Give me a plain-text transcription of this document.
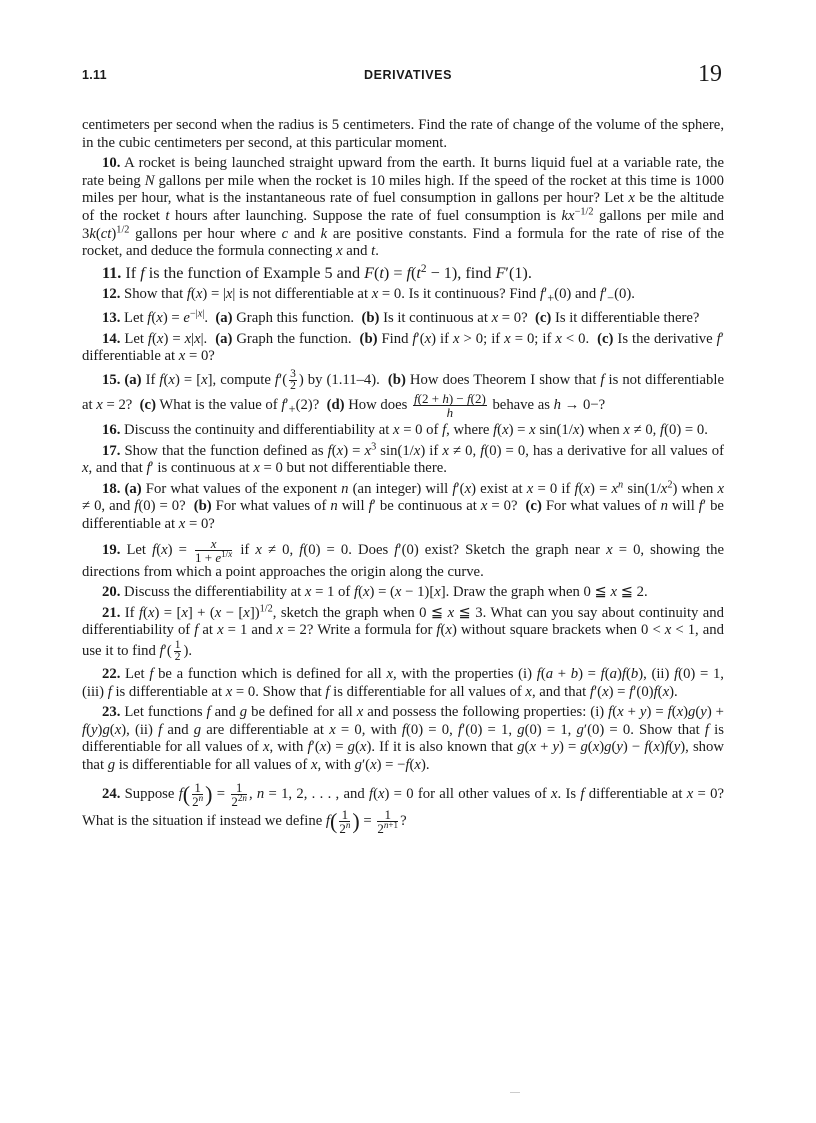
1.11	DERIVATIVES	19

centimeters per second when the radius is 5 centimeters. Find the rate of change of the volume of the sphere, in the cubic centimeters per second, at this particular moment.

10. A rocket is being launched straight upward from the earth. It burns liquid fuel at a variable rate, the rate being N gallons per mile when the rocket is 10 miles high. If the speed of the rocket at this time is 1000 miles per hour, what is the instantaneous rate of fuel consumption in gallons per hour? Let x be the altitude of the rocket t hours after launching. Suppose the rate of fuel consumption is $kx^{-1/2}$ gallons per mile and 3k(ct)$^{1/2}$ gallons per hour where c and k are positive constants. Find a formula for the rate of rise of the rocket, and deduce the formula connecting x and t.

11. If f is the function of Example 5 and $F(t) = f(t^2 - 1)$, find F′(1).

12. Show that f(x) = |x| is not differentiable at x = 0. Is it continuous? Find $f'_+(0)$ and $f'_-(0)$.

13. Let $f(x) = e^{-|x|}$.  (a) Graph this function.  (b) Is it continuous at x = 0?  (c) Is it differentiable there?

14. Let f(x) = x|x|.  (a) Graph the function.  (b) Find f′(x) if x > 0; if x = 0; if x < 0.  (c) Is the derivative f′ differentiable at x = 0?

15. (a) If f(x) = [x], compute $f'( \frac{3}{2}$ ) by (1.11–4).  (b) How does Theorem I show that f is not differentiable at x = 2?  (c) What is the value of $f'_+(2)$?  (d) How does $\frac{f(2 + h) - f(2)}{h}$ behave as h → 0−?

16. Discuss the continuity and differentiability at x = 0 of f, where f(x) = x sin(1/x) when x ≠ 0, f(0) = 0.

17. Show that the function defined as $f(x) = x^3$ sin(1/x) if x ≠ 0, f(0) = 0, has a derivative for all values of x, and that f′ is continuous at x = 0 but not differentiable there.

18. (a) For what values of the exponent n (an integer) will f′(x) exist at x = 0 if $f(x) = x^n$ $\sin(1/x^2)$ when x ≠ 0, and f(0) = 0?  (b) For what values of n will f′ be continuous at x = 0?  (c) For what values of n will f′ be differentiable at x = 0?

19. Let $f(x) = \frac{x}{1 + e^{1/x}}$ if x ≠ 0, f(0) = 0. Does f′(0) exist? Sketch the graph near x = 0, showing the directions from which a point approaches the origin along the curve.

20. Discuss the differentiability at x = 1 of f(x) = (x − 1)[x]. Draw the graph when 0 ≦ x ≦ 2.

21. If $f(x) = [x] + (x - [x])^{1/2}$, sketch the graph when 0 ≦ x ≦ 3. What can you say about continuity and differentiability of f at x = 1 and x = 2? Write a formula for f(x) without square brackets when 0 < x < 1, and use it to find $f'( \frac{1}{2}$ ).

22. Let f be a function which is defined for all x, with the properties (i) f(a + b) = f(a)f(b), (ii) f(0) = 1, (iii) f is differentiable at x = 0. Show that f is differentiable for all values of x, and that f′(x) = f′(0)f(x).

23. Let functions f and g be defined for all x and possess the following properties: (i) f(x + y) = f(x)g(y) + f(y)g(x), (ii) f and g are differentiable at x = 0, with f(0) = 0, f′(0) = 1, g(0) = 1, g′(0) = 0. Show that f is differentiable for all values of x, with f′(x) = g(x). If it is also known that g(x + y) = g(x)g(y) − f(x)f(y), show that g is differentiable for all values of x, with g′(x) = −f(x).

24. Suppose $f( \frac{1}{2^n}$ ) = $\frac{1}{2^{2n}}$ , n = 1, 2, . . . , and f(x) = 0 for all other values of x. Is f differentiable at x = 0? What is the situation if instead we define $f( \frac{1}{2^n}$ ) = $\frac{1}{2^{n+1}}$ ?
